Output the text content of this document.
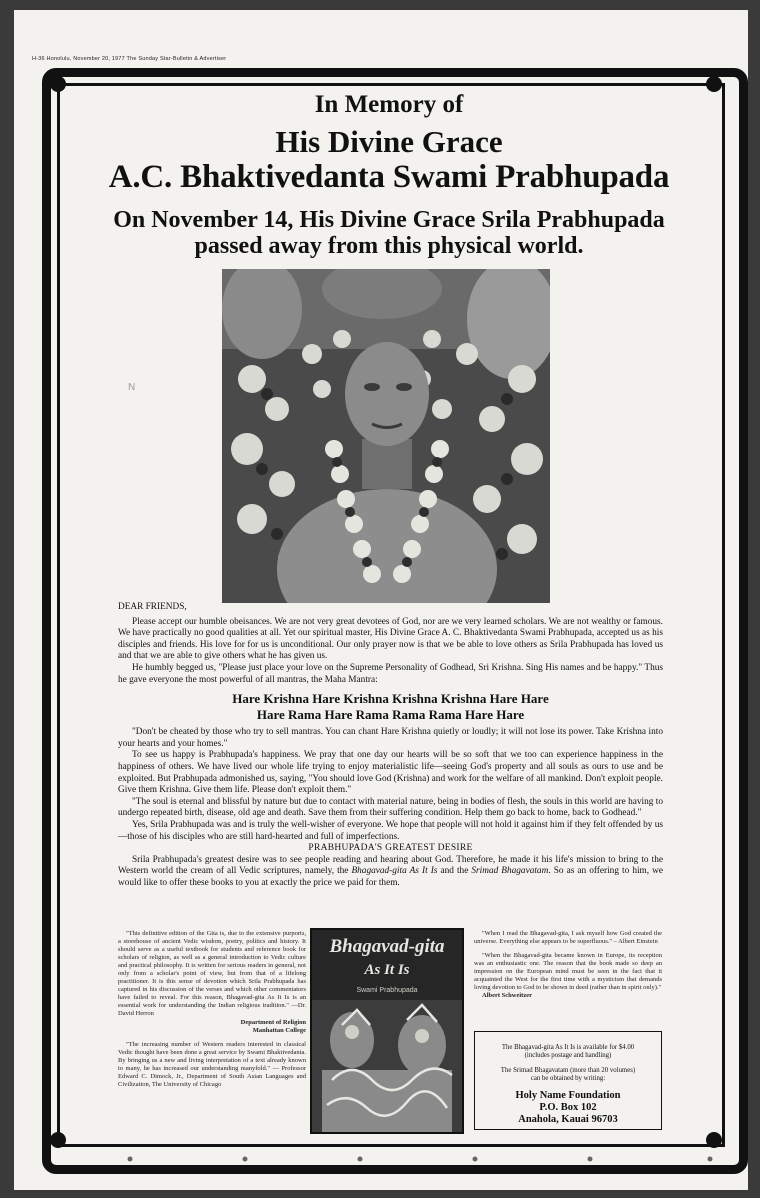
H-36 Honolulu, November 20, 1977 The Sunday Star-Bulletin & Advertiser
In Memory of
His Divine Grace
A.C. Bhaktivedanta Swami Prabhupada
On November 14, His Divine Grace Srila Prabhupada
passed away from this physical world.
N

DEAR FRIENDS,

Please accept our humble obeisances. We are not very great devotees of God, nor are we very learned scholars. We are not wealthy or famous. We have practically no good qualities at all. Yet our spiritual master, His Divine Grace A. C. Bhaktivedanta Swami Prabhupada, accepted us as his disciples and friends. His love for for us is unconditional. Our only prayer now is that we be able to love others as Srila Prabhupada has loved us and that we are able to give others what he has given us.

He humbly begged us, "Please just place your love on the Supreme Personality of Godhead, Sri Krishna. Sing His names and be happy." Thus he gave everyone the most powerful of all mantras, the Maha Mantra:

Hare Krishna Hare Krishna Krishna Krishna Hare Hare
Hare Rama Hare Rama Rama Rama Hare Hare

"Don't be cheated by those who try to sell mantras. You can chant Hare Krishna quietly or loudly; it will not lose its power. Take Krishna into your hearts and your homes."

To see us happy is Prabhupada's happiness. We pray that one day our hearts will be so soft that we too can experience happiness in the happiness of others. We have lived our whole life trying to enjoy materialistic life—seeing God's property and all souls as ours to use and be exploited. But Prabhupada admonished us, saying, "You should love God (Krishna) and work for the welfare of all mankind. Don't exploit people. Give them Krishna. Give them life. Please don't exploit them."

"The soul is eternal and blissful by nature but due to contact with material nature, being in bodies of flesh, the souls in this world are having to undergo repeated birth, disease, old age and death. Save them from their suffering condition. Help them go back to home, back to Godhead."

Yes, Srila Prabhupada was and is truly the well-wisher of everyone. We hope that people will not hold it against him if they felt offended by us—those of his disciples who are still hard-hearted and full of imperfections.

PRABHUPADA'S GREATEST DESIRE

Srila Prabhupada's greatest desire was to see people reading and hearing about God. Therefore, he made it his life's mission to bring to the Western world the cream of all Vedic scriptures, namely, the Bhagavad-gita As It Is and the Srimad Bhagavatam. So as an offering to him, we would like to offer these books to you at exactly the price we paid for them.

"This definitive edition of the Gita is, due to the extensive purports, a storehouse of ancient Vedic wisdom, poetry, politics and history. It should serve as a useful textbook for students and reference book for scholars of religion, as well as a general introduction to Vedic culture and practical philosophy. It is written for serious readers in general, not only from a scholar's point of view, but from that of a lifelong practitioner. It is this sense of devotion which Srila Prabhupada has captured in his discussion of the verses and which other commentators have failed to reveal. For this reason, Bhagavad-gita As It Is is an essential work for understanding the Indian religious tradition." —Dr. David Herron

Department of Religion
Manhattan College

"The increasing number of Western readers interested in classical Vedic thought have been done a great service by Swami Bhaktivedanta. By bringing us a new and living interpretation of a text already known to many, he has increased our understanding manyfold." — Professor Edward C. Dimock, Jr., Department of South Asian Languages and Civilization, The University of Chicago

Bhagavad-gita
As It Is
Swami Prabhupada

"When I read the Bhagavad-gita, I ask myself how God created the universe. Everything else appears to be superfluous." – Albert Einstein

"When the Bhagavad-gita became known in Europe, its reception was an enthusiastic one. The reason that the book made so deep an impression on the European mind must be seen in the fact that it acquainted the West for the first time with a mysticism that demands loving devotion to God to be shown in deed (rather than in spirit only)."

Albert Schweitzer
The Bhagavad-gita As It Is is available for $4.00
(includes postage and handling)
The Srimad Bhagavatam (more than 20 volumes)
can be obtained by writing:
Holy Name Foundation
P.O. Box 102
Anahola, Kauai 96703
